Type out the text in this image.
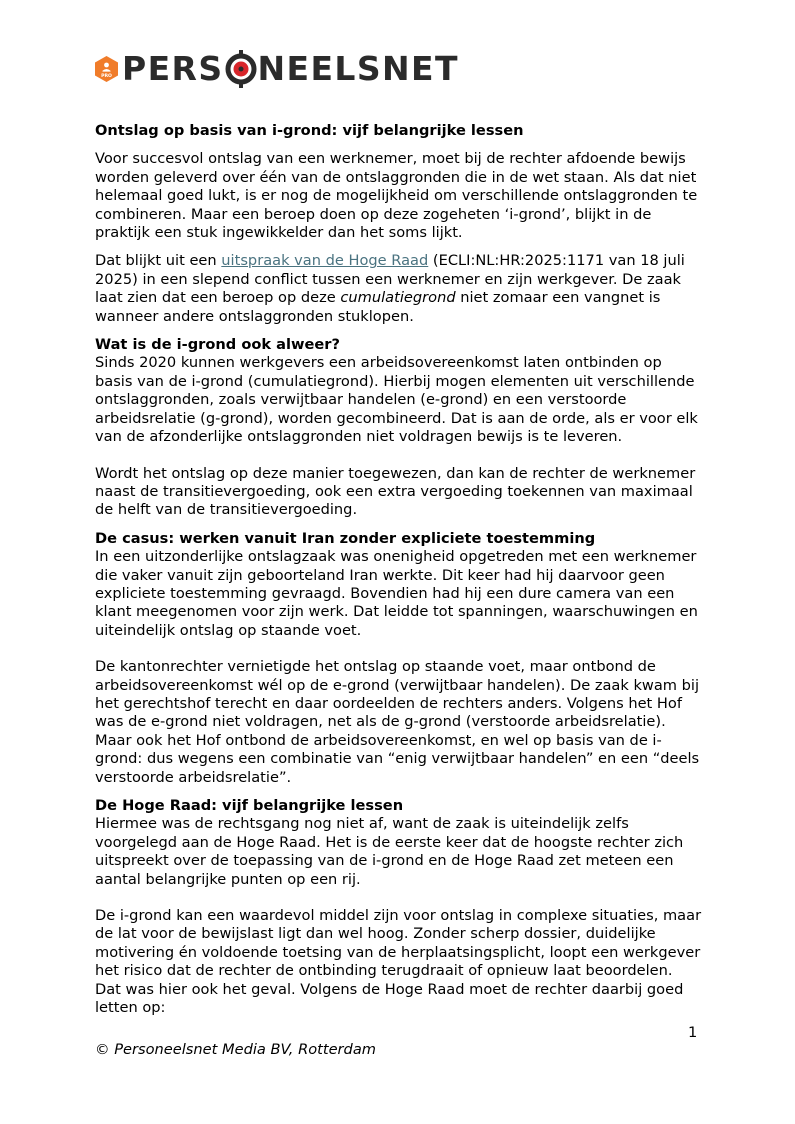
PRO PERS NEELSNET
Ontslag op basis van i-grond: vijf belangrijke lessen

Voor succesvol ontslag van een werknemer, moet bij de rechter afdoende bewijs worden geleverd over één van de ontslaggronden die in de wet staan. Als dat niet helemaal goed lukt, is er nog de mogelijkheid om verschillende ontslaggronden te combineren. Maar een beroep doen op deze zogeheten ‘i-grond’, blijkt in de praktijk een stuk ingewikkelder dan het soms lijkt.

Dat blijkt uit een uitspraak van de Hoge Raad (ECLI:NL:HR:2025:1171 van 18 juli 2025) in een slepend conflict tussen een werknemer en zijn werkgever. De zaak laat zien dat een beroep op deze cumulatiegrond niet zomaar een vangnet is wanneer andere ontslaggronden stuklopen.

Wat is de i-grond ook alweer?

Sinds 2020 kunnen werkgevers een arbeidsovereenkomst laten ontbinden op basis van de i-grond (cumulatiegrond). Hierbij mogen elementen uit verschillende ontslaggronden, zoals verwijtbaar handelen (e-grond) en een verstoorde arbeidsrelatie (g-grond), worden gecombineerd. Dat is aan de orde, als er voor elk van de afzonderlijke ontslaggronden niet voldragen bewijs is te leveren.

Wordt het ontslag op deze manier toegewezen, dan kan de rechter de werknemer naast de transitievergoeding, ook een extra vergoeding toekennen van maximaal de helft van de transitievergoeding.

De casus: werken vanuit Iran zonder expliciete toestemming

In een uitzonderlijke ontslagzaak was onenigheid opgetreden met een werknemer die vaker vanuit zijn geboorteland Iran werkte. Dit keer had hij daarvoor geen expliciete toestemming gevraagd. Bovendien had hij een dure camera van een klant meegenomen voor zijn werk. Dat leidde tot spanningen, waarschuwingen en uiteindelijk ontslag op staande voet.

De kantonrechter vernietigde het ontslag op staande voet, maar ontbond de arbeidsovereenkomst wél op de e-grond (verwijtbaar handelen). De zaak kwam bij het gerechtshof terecht en daar oordeelden de rechters anders. Volgens het Hof was de e-grond niet voldragen, net als de g-grond (verstoorde arbeidsrelatie). Maar ook het Hof ontbond de arbeidsovereenkomst, en wel op basis van de i-grond: dus wegens een combinatie van “enig verwijtbaar handelen” en een “deels verstoorde arbeidsrelatie”.

De Hoge Raad: vijf belangrijke lessen

Hiermee was de rechtsgang nog niet af, want de zaak is uiteindelijk zelfs voorgelegd aan de Hoge Raad. Het is de eerste keer dat de hoogste rechter zich uitspreekt over de toepassing van de i-grond en de Hoge Raad zet meteen een aantal belangrijke punten op een rij.

De i-grond kan een waardevol middel zijn voor ontslag in complexe situaties, maar de lat voor de bewijslast ligt dan wel hoog. Zonder scherp dossier, duidelijke motivering én voldoende toetsing van de herplaatsingsplicht, loopt een werkgever het risico dat de rechter de ontbinding terugdraait of opnieuw laat beoordelen. Dat was hier ook het geval. Volgens de Hoge Raad moet de rechter daarbij goed letten op:

1
© Personeelsnet Media BV, Rotterdam
